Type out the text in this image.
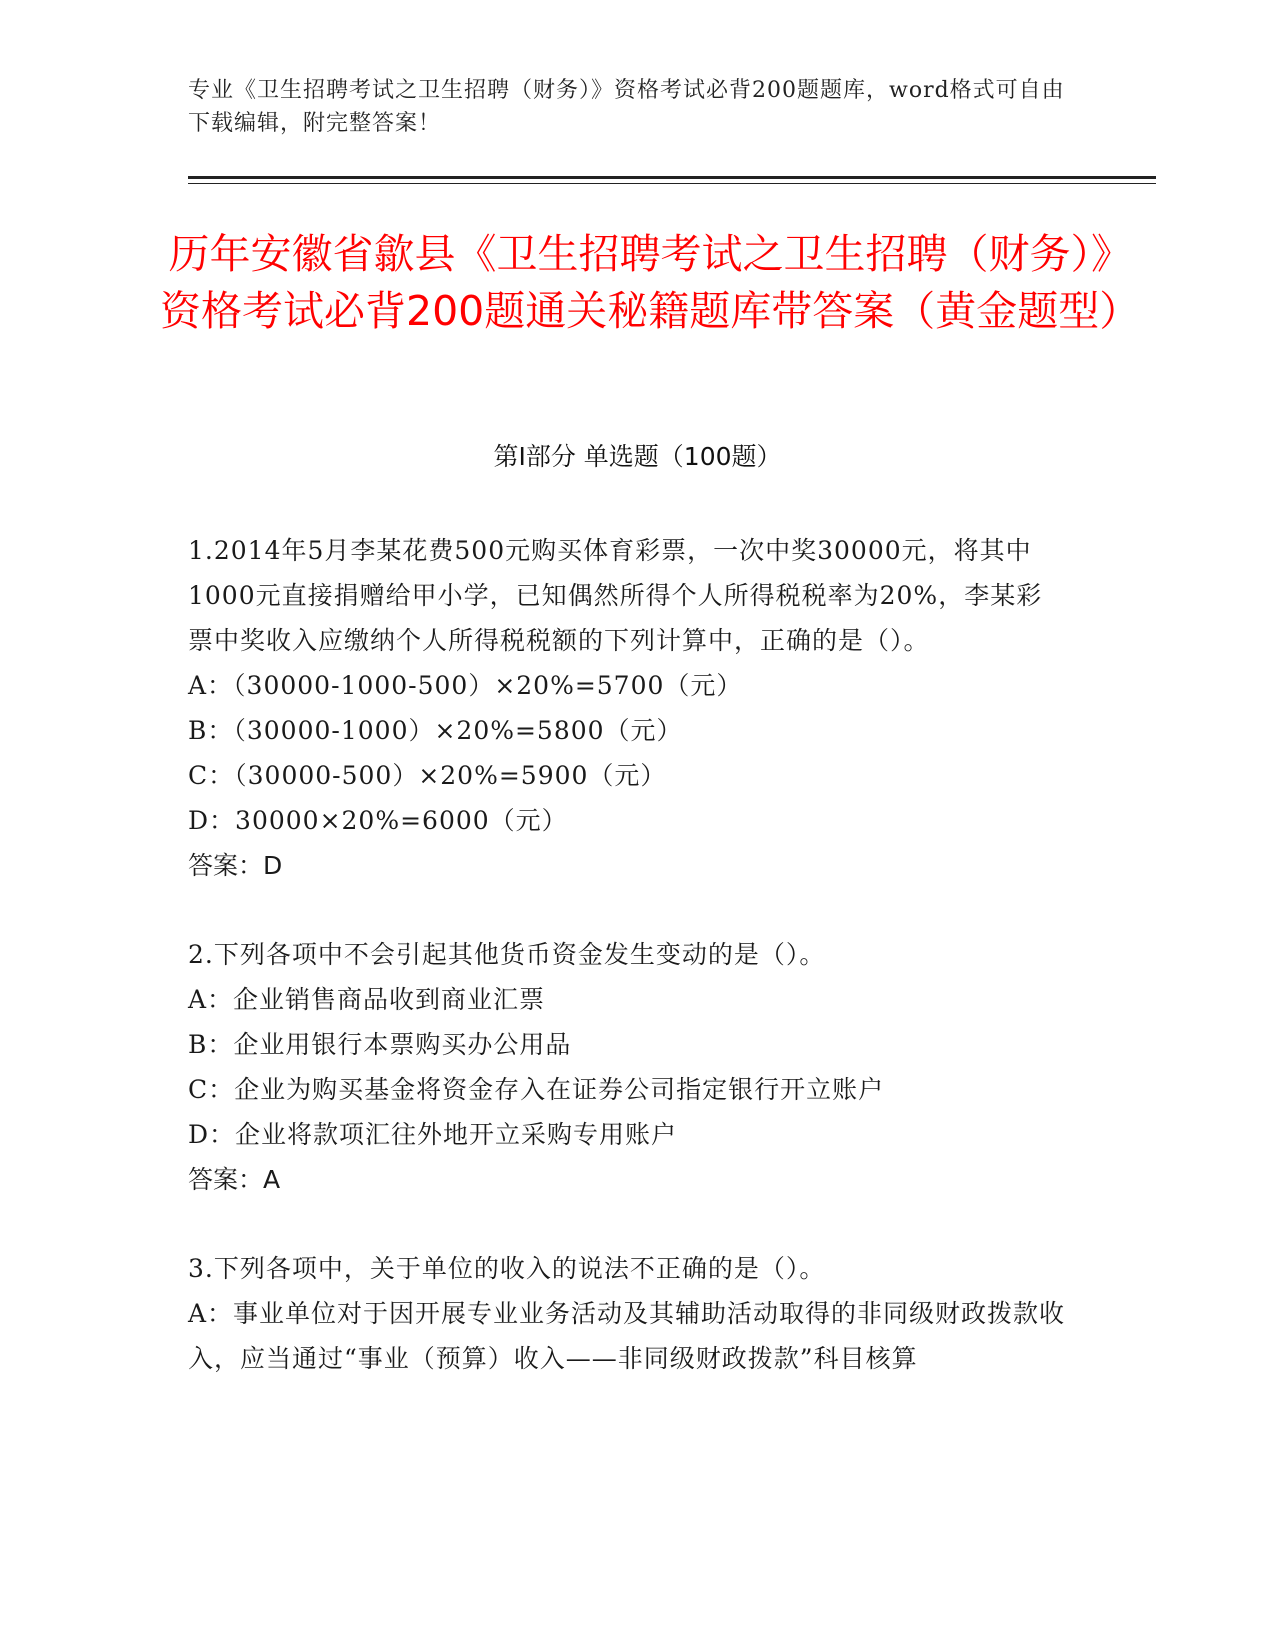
专业《卫生招聘考试之卫生招聘（财务）》资格考试必背200题题库，word格式可自由下载编辑，附完整答案！
历年安徽省歙县《卫生招聘考试之卫生招聘（财务）》资格考试必背200题通关秘籍题库带答案（黄金题型）
第Ⅰ部分 单选题（100题）

1.2014年5月李某花费500元购买体育彩票，一次中奖30000元，将其中1000元直接捐赠给甲小学，已知偶然所得个人所得税税率为20%，李某彩票中奖收入应缴纳个人所得税税额的下列计算中，正确的是（）。

A：（30000-1000-500）×20%=5700（元）

B：（30000-1000）×20%=5800（元）

C：（30000-500）×20%=5900（元）

D：30000×20%=6000（元）

答案：D

2.下列各项中不会引起其他货币资金发生变动的是（）。

A：企业销售商品收到商业汇票

B：企业用银行本票购买办公用品

C：企业为购买基金将资金存入在证券公司指定银行开立账户

D：企业将款项汇往外地开立采购专用账户

答案：A

3.下列各项中，关于单位的收入的说法不正确的是（）。

A：事业单位对于因开展专业业务活动及其辅助活动取得的非同级财政拨款收入，应当通过“事业（预算）收入——非同级财政拨款”科目核算
